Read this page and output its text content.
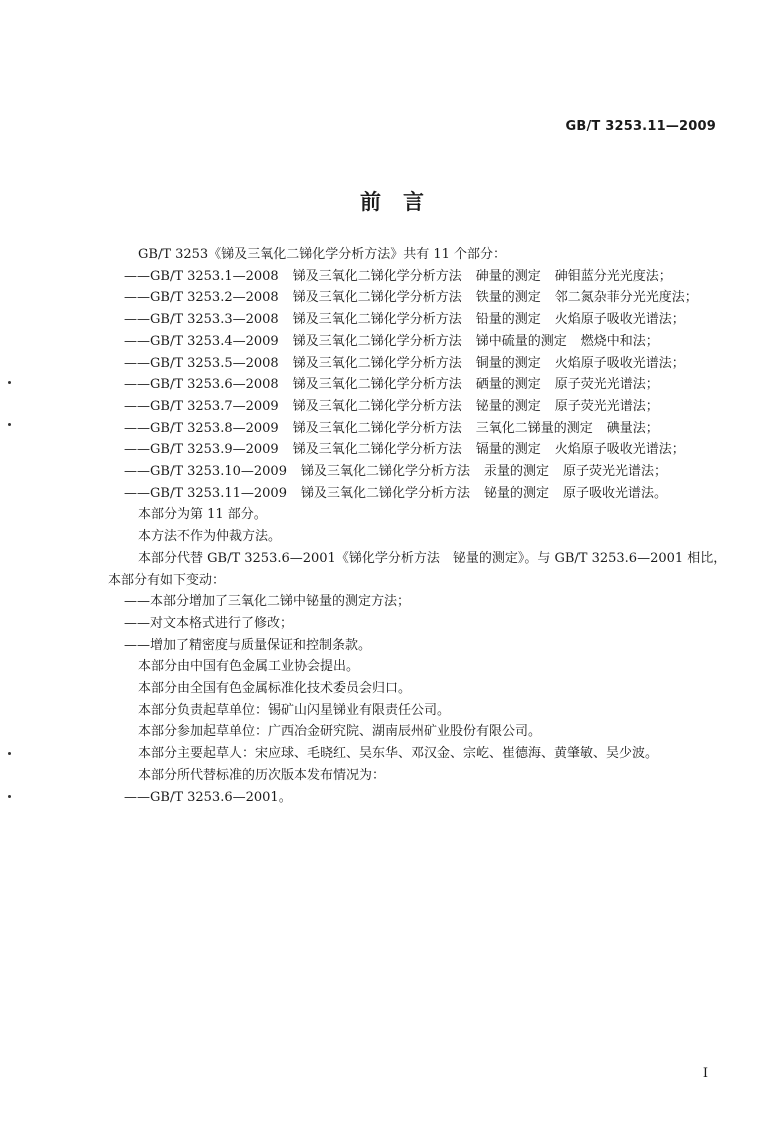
GB/T 3253.11—2009
前言
GB/T 3253《锑及三氧化二锑化学分析方法》共有 11 个部分：
——GB/T 3253.1—2008 锑及三氧化二锑化学分析方法 砷量的测定 砷钼蓝分光光度法；
——GB/T 3253.2—2008 锑及三氧化二锑化学分析方法 铁量的测定 邻二氮杂菲分光光度法；
——GB/T 3253.3—2008 锑及三氧化二锑化学分析方法 铅量的测定 火焰原子吸收光谱法；
——GB/T 3253.4—2009 锑及三氧化二锑化学分析方法 锑中硫量的测定 燃烧中和法；
——GB/T 3253.5—2008 锑及三氧化二锑化学分析方法 铜量的测定 火焰原子吸收光谱法；
——GB/T 3253.6—2008 锑及三氧化二锑化学分析方法 硒量的测定 原子荧光光谱法；
——GB/T 3253.7—2009 锑及三氧化二锑化学分析方法 铋量的测定 原子荧光光谱法；
——GB/T 3253.8—2009 锑及三氧化二锑化学分析方法 三氧化二锑量的测定 碘量法；
——GB/T 3253.9—2009 锑及三氧化二锑化学分析方法 镉量的测定 火焰原子吸收光谱法；
——GB/T 3253.10—2009 锑及三氧化二锑化学分析方法 汞量的测定 原子荧光光谱法；
——GB/T 3253.11—2009 锑及三氧化二锑化学分析方法 铋量的测定 原子吸收光谱法。
本部分为第 11 部分。
本方法不作为仲裁方法。
本部分代替 GB/T 3253.6—2001《锑化学分析方法　铋量的测定》。与 GB/T 3253.6—2001 相比，
本部分有如下变动：
——本部分增加了三氧化二锑中铋量的测定方法；
——对文本格式进行了修改；
——增加了精密度与质量保证和控制条款。
本部分由中国有色金属工业协会提出。
本部分由全国有色金属标准化技术委员会归口。
本部分负责起草单位：锡矿山闪星锑业有限责任公司。
本部分参加起草单位：广西冶金研究院、湖南辰州矿业股份有限公司。
本部分主要起草人：宋应球、毛晓红、吴东华、邓汉金、宗屹、崔德海、黄肇敏、吴少波。
本部分所代替标准的历次版本发布情况为：
——GB/T 3253.6—2001。
I
